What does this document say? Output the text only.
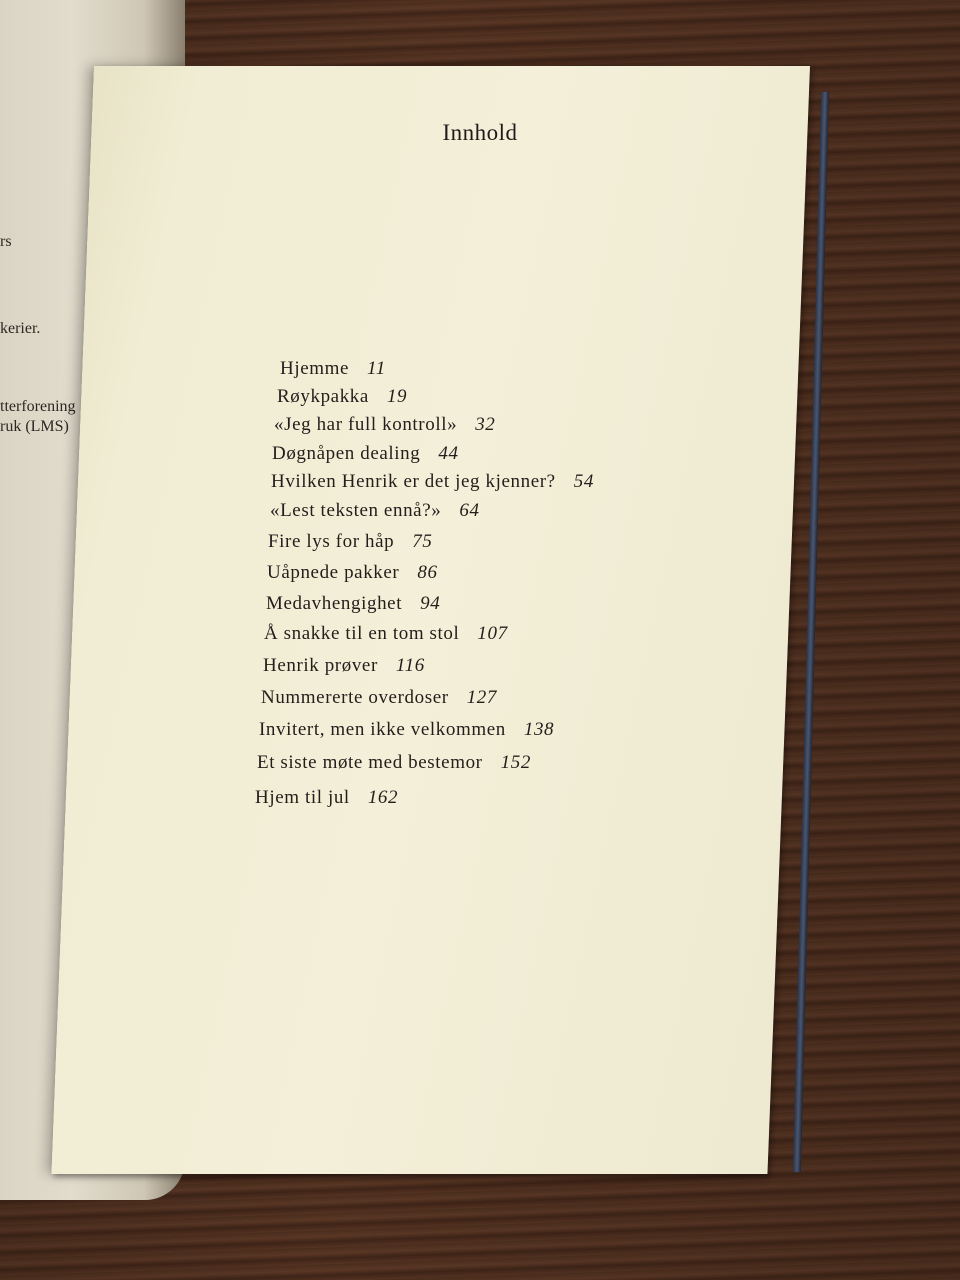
rs
kerier.
tterforening
ruk (LMS)
Innhold
Hjemme 11
Røykpakka 19
«Jeg har full kontroll» 32
Døgnåpen dealing 44
Hvilken Henrik er det jeg kjenner? 54
«Lest teksten ennå?» 64
Fire lys for håp 75
Uåpnede pakker 86
Medavhengighet 94
Å snakke til en tom stol 107
Henrik prøver 116
Nummererte overdoser 127
Invitert, men ikke velkommen 138
Et siste møte med bestemor 152
Hjem til jul 162
